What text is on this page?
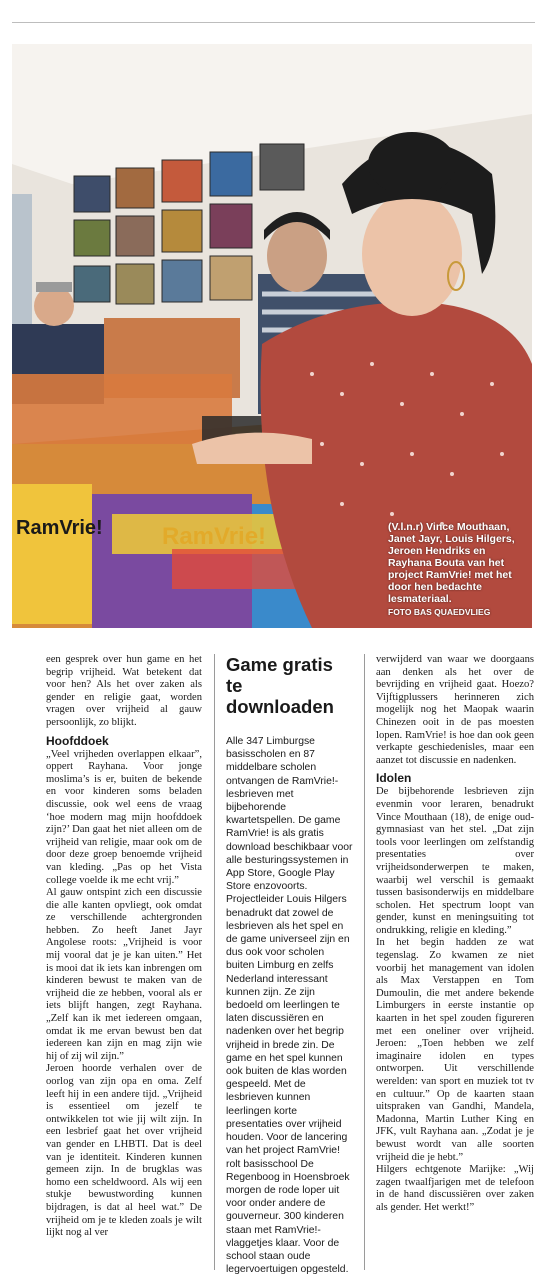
RamVrie! RamVrie!	(V.l.n.r) Vince Mouthaan, Janet Jayr, Louis Hilgers, Jeroen Hendriks en Rayhana Bouta van het project RamVrie! met het door hen bedachte lesmateriaal.
FOTO BAS QUAEDVLIEG

een gesprek over hun game en het begrip vrijheid. Wat betekent dat voor hen? Als het over zaken als gender en religie gaat, worden vragen over vrijheid al gauw persoonlijk, zo blijkt.

Hoofddoek

„Veel vrijheden overlappen elkaar”, oppert Rayhana. Voor jonge moslima’s is er, buiten de bekende en voor kinderen soms beladen discussie, ook wel eens de vraag ‘hoe modern mag mijn hoofddoek zijn?’ Dan gaat het niet alleen om de vrijheid van religie, maar ook om de door deze groep benoemde vrijheid van kleding. „Pas op het Vista college voelde ik me echt vrij.”

Al gauw ontspint zich een discussie die alle kanten opvliegt, ook omdat ze verschillende achtergronden hebben. Zo heeft Janet Jayr Angolese roots: „Vrijheid is voor mij vooral dat je je kan uiten.” Het is mooi dat ik iets kan inbrengen om kinderen bewust te maken van de vrijheid die ze hebben, vooral als er iets blijft hangen, zegt Rayhana. „Zelf kan ik met iedereen omgaan, omdat ik me ervan bewust ben dat iedereen kan zijn en mag zijn wie hij of zij wil zijn.”

Jeroen hoorde verhalen over de oorlog van zijn opa en oma. Zelf leeft hij in een andere tijd. „Vrijheid is essentieel om jezelf te ontwikkelen tot wie jij wilt zijn. In een lesbrief gaat het over vrijheid van gender en LHBTI. Dat is deel van je identiteit. Kinderen kunnen gemeen zijn. In de brugklas was homo een scheldwoord. Als wij een stukje bewustwording kunnen bijdragen, is dat al heel wat.” De vrijheid om je te kleden zoals je wilt lijkt nog al ver

Game gratis te downloaden

Alle 347 Limburgse basisscholen en 87 middelbare scholen ontvangen de RamVrie!-lesbrieven met bijbehorende kwartetspellen. De game RamVrie! is als gratis download beschikbaar voor alle besturingssystemen in App Store, Google Play Store enzovoorts. Projectleider Louis Hilgers benadrukt dat zowel de lesbrieven als het spel en de game universeel zijn en dus ook voor scholen buiten Limburg en zelfs Nederland interessant kunnen zijn. Ze zijn bedoeld om leerlingen te laten discussiëren en nadenken over het begrip vrijheid in brede zin. De game en het spel kunnen ook buiten de klas worden gespeeld. Met de lesbrieven kunnen leerlingen korte presentaties over vrijheid houden. Voor de lancering van het project RamVrie! rolt basisschool De Regenboog in Hoensbroek morgen de rode loper uit voor onder andere de gouverneur. 300 kinderen staan met RamVrie!-vlaggetjes klaar. Voor de school staan oude legervoertuigen opgesteld.

verwijderd van waar we doorgaans aan denken als het over de bevrijding en vrijheid gaat. Hoezo? Vijftigplussers herinneren zich mogelijk nog het Maopak waarin Chinezen ooit in de pas moesten lopen. RamVrie! is hoe dan ook geen verkapte geschiedenisles, maar een aanzet tot discussie en nadenken.

Idolen

De bijbehorende lesbrieven zijn evenmin voor leraren, benadrukt Vince Mouthaan (18), de enige oud-gymnasiast van het stel. „Dat zijn tools voor leerlingen om zelfstandig presentaties over vrijheidsonderwerpen te maken, waarbij wel verschil is gemaakt tussen basisonderwijs en middelbare scholen. Het spectrum loopt van gender, kunst en meningsuiting tot ondrukking, religie en kleding.”

In het begin hadden ze wat tegenslag. Zo kwamen ze niet voorbij het management van idolen als Max Verstappen en Tom Dumoulin, die met andere bekende Limburgers in eerste instantie op kaarten in het spel zouden figureren met een oneliner over vrijheid. Jeroen: „Toen hebben we zelf imaginaire idolen en types ontworpen. Uit verschillende werelden: van sport en muziek tot tv en cultuur.” Op de kaarten staan uitspraken van Gandhi, Mandela, Madonna, Martin Luther King en JFK, vult Rayhana aan. „Zodat je je bewust wordt van alle soorten vrijheid die je hebt.”

Hilgers echtgenote Marijke: „Wij zagen twaalfjarigen met de telefoon in de hand discussiëren over zaken als gender. Het werkt!”
